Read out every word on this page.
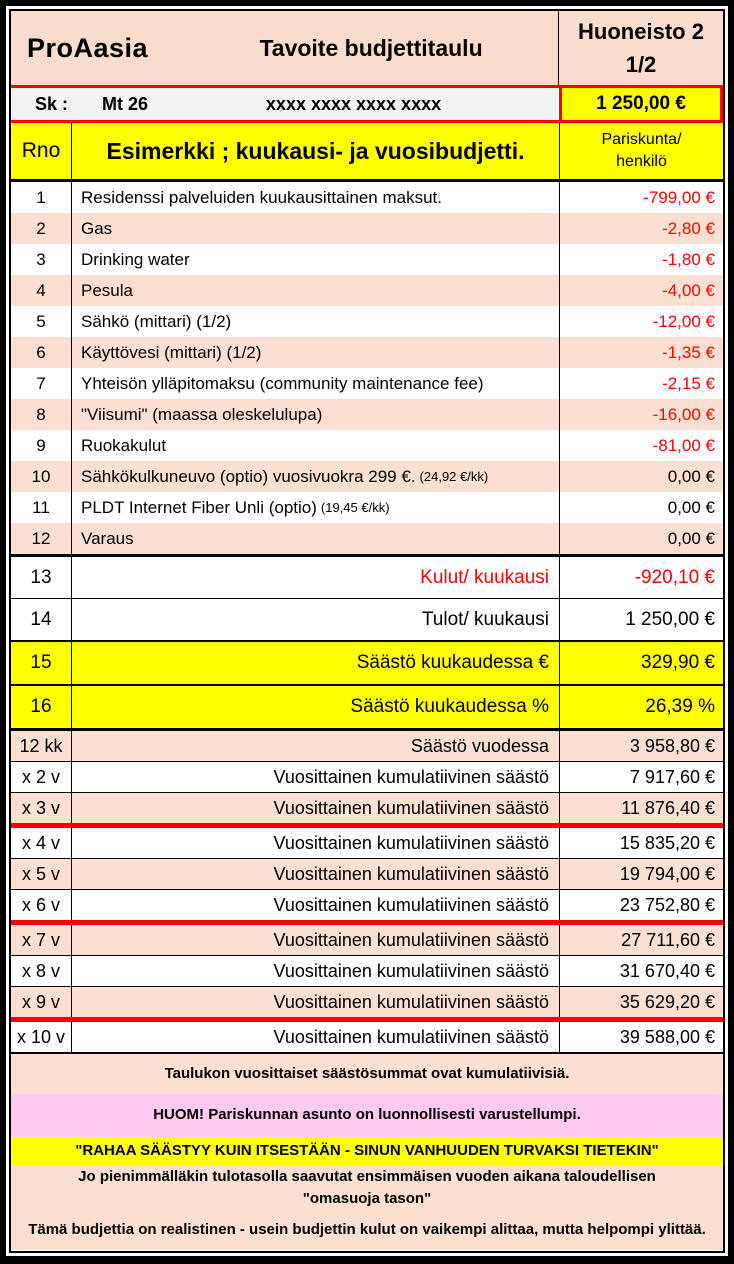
ProAasia	Tavoite budjettitaulu
Huoneisto 2
1/2
Sk :	Mt 26	xxxx xxxx xxxx xxxx	1 250,00 €
Rno	Esimerkki ; kuukausi- ja vuosibudjetti.	Pariskunta/
henkilö
1	Residenssi palveluiden kuukausittainen maksut.	-799,00 €
2	Gas	-2,80 €
3	Drinking water	-1,80 €
4	Pesula	-4,00 €
5	Sähkö (mittari) (1/2)	-12,00 €
6	Käyttövesi (mittari) (1/2)	-1,35 €
7	Yhteisön ylläpitomaksu (community maintenance fee)	-2,15 €
8	"Viisumi" (maassa oleskelulupa)	-16,00 €
9	Ruokakulut	-81,00 €
10	Sähkökulkuneuvo (optio) vuosivuokra 299 €. (24,92 €/kk)	0,00 €
11	PLDT Internet Fiber Unli (optio) (19,45 €/kk)	0,00 €
12	Varaus	0,00 €
13	Kulut/ kuukausi	-920,10 €
14	Tulot/ kuukausi	1 250,00 €
15	Säästö kuukaudessa €	329,90 €
16	Säästö kuukaudessa %	26,39 %
12 kk	Säästö vuodessa	3 958,80 €
x 2 v	Vuosittainen kumulatiivinen säästö	7 917,60 €
x 3 v	Vuosittainen kumulatiivinen säästö	11 876,40 €
x 4 v	Vuosittainen kumulatiivinen säästö	15 835,20 €
x 5 v	Vuosittainen kumulatiivinen säästö	19 794,00 €
x 6 v	Vuosittainen kumulatiivinen säästö	23 752,80 €
x 7 v	Vuosittainen kumulatiivinen säästö	27 711,60 €
x 8 v	Vuosittainen kumulatiivinen säästö	31 670,40 €
x 9 v	Vuosittainen kumulatiivinen säästö	35 629,20 €
x 10 v	Vuosittainen kumulatiivinen säästö	39 588,00 €
Taulukon vuosittaiset säästösummat ovat kumulatiivisiä.
HUOM! Pariskunnan asunto on luonnollisesti varustellumpi.
"RAHAA SÄÄSTYY KUIN ITSESTÄÄN - SINUN VANHUUDEN TURVAKSI TIETEKIN"
Jo pienimmälläkin tulotasolla saavutat ensimmäisen vuoden aikana taloudellisen "omasuoja tason"
Tämä budjettia on realistinen - usein budjettin kulut on vaikempi alittaa, mutta helpompi ylittää.
